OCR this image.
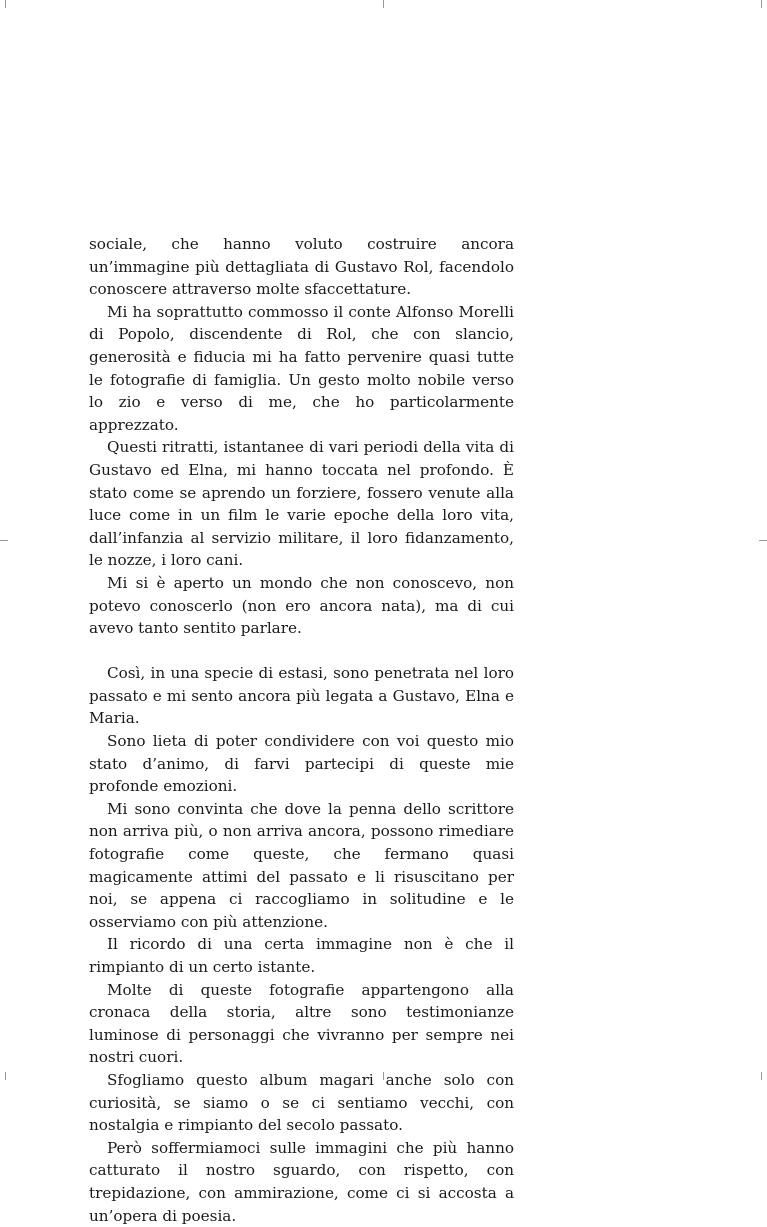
sociale, che hanno voluto costruire ancora un’immagine più dettagliata di Gustavo Rol, facendolo conoscere attraverso molte sfaccettature.

Mi ha soprattutto commosso il conte Alfonso Morelli di Popolo, discendente di Rol, che con slancio, generosità e fiducia mi ha fatto pervenire quasi tutte le fotografie di famiglia. Un gesto molto nobile verso lo zio e verso di me, che ho particolarmente apprezzato.

Questi ritratti, istantanee di vari periodi della vita di Gustavo ed Elna, mi hanno toccata nel profondo. È stato come se aprendo un forziere, fossero venute alla luce come in un film le varie epoche della loro vita, dall’infanzia al servizio militare, il loro fidanzamento, le nozze, i loro cani.

Mi si è aperto un mondo che non conoscevo, non potevo conoscerlo (non ero ancora nata), ma di cui avevo tanto sentito parlare.

Così, in una specie di estasi, sono penetrata nel loro passato e mi sento ancora più legata a Gustavo, Elna e Maria.

Sono lieta di poter condividere con voi questo mio stato d’animo, di farvi partecipi di queste mie profonde emozioni.

Mi sono convinta che dove la penna dello scrittore non arriva più, o non arriva ancora, possono rimediare fotografie come queste, che fermano quasi magicamente attimi del passato e li risuscitano per noi, se appena ci raccogliamo in solitudine e le osserviamo con più attenzione.

Il ricordo di una certa immagine non è che il rimpianto di un certo istante.

Molte di queste fotografie appartengono alla cronaca della storia, altre sono testimonianze luminose di personaggi che vivranno per sempre nei nostri cuori.

Sfogliamo questo album magari anche solo con curiosità, se siamo o se ci sentiamo vecchi, con nostalgia e rimpianto del secolo passato.

Però soffermiamoci sulle immagini che più hanno catturato il nostro sguardo, con rispetto, con trepidazione, con ammirazione, come ci si accosta a un’opera di poesia.
